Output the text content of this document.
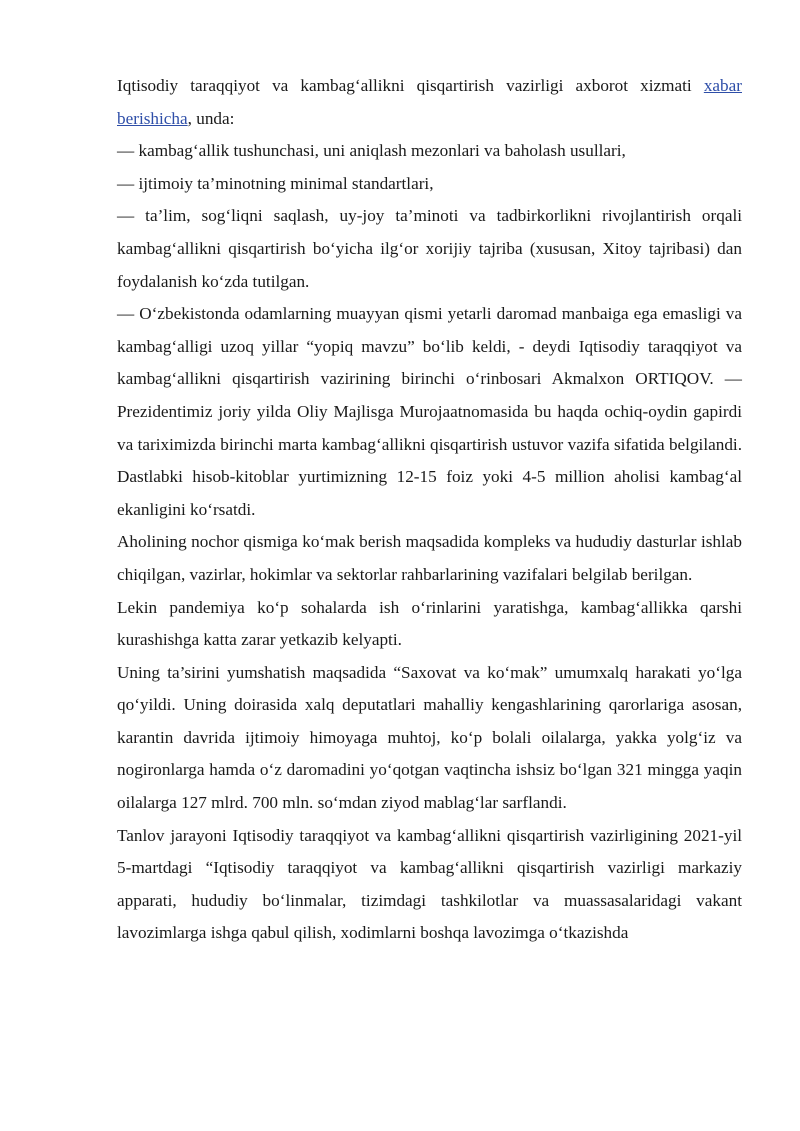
Iqtisodiy taraqqiyot va kambag‘allikni qisqartirish vazirligi axborot xizmati xabar berishicha, unda:

— kambag‘allik tushunchasi, uni aniqlash mezonlari va baholash usullari,

— ijtimoiy ta’minotning minimal standartlari,

— ta’lim, sog‘liqni saqlash, uy-joy ta’minoti va tadbirkorlikni rivojlantirish orqali kambag‘allikni qisqartirish bo‘yicha ilg‘or xorijiy tajriba (xususan, Xitoy tajribasi) dan foydalanish ko‘zda tutilgan.

— O‘zbekistonda odamlarning muayyan qismi yetarli daromad manbaiga ega emasligi va kambag‘alligi uzoq yillar “yopiq mavzu” bo‘lib keldi, - deydi Iqtisodiy taraqqiyot va kambag‘allikni qisqartirish vazirining birinchi o‘rinbosari Akmalxon ORTIQOV. — Prezidentimiz joriy yilda Oliy Majlisga Murojaatnomasida bu haqda ochiq-oydin gapirdi va tariximizda birinchi marta kambag‘allikni qisqartirish ustuvor vazifa sifatida belgilandi. Dastlabki hisob-kitoblar yurtimizning 12-15 foiz yoki 4-5 million aholisi kambag‘al ekanligini ko‘rsatdi.

Aholining nochor qismiga ko‘mak berish maqsadida kompleks va hududiy dasturlar ishlab chiqilgan, vazirlar, hokimlar va sektorlar rahbarlarining vazifalari belgilab berilgan.

Lekin pandemiya ko‘p sohalarda ish o‘rinlarini yaratishga, kambag‘allikka qarshi kurashishga katta zarar yetkazib kelyapti.

Uning ta’sirini yumshatish maqsadida “Saxovat va ko‘mak” umumxalq harakati yo‘lga qo‘yildi. Uning doirasida xalq deputatlari mahalliy kengashlarining qarorlariga asosan, karantin davrida ijtimoiy himoyaga muhtoj, ko‘p bolali oilalarga, yakka yolg‘iz va nogironlarga hamda o‘z daromadini yo‘qotgan vaqtincha ishsiz bo‘lgan 321 mingga yaqin oilalarga 127 mlrd. 700 mln. so‘mdan ziyod mablag‘lar sarflandi.

Tanlov jarayoni Iqtisodiy taraqqiyot va kambag‘allikni qisqartirish vazirligining 2021-yil 5-martdagi “Iqtisodiy taraqqiyot va kambag‘allikni qisqartirish vazirligi markaziy apparati, hududiy bo‘linmalar, tizimdagi tashkilotlar va muassasalaridagi vakant lavozimlarga ishga qabul qilish, xodimlarni boshqa lavozimga o‘tkazishda
